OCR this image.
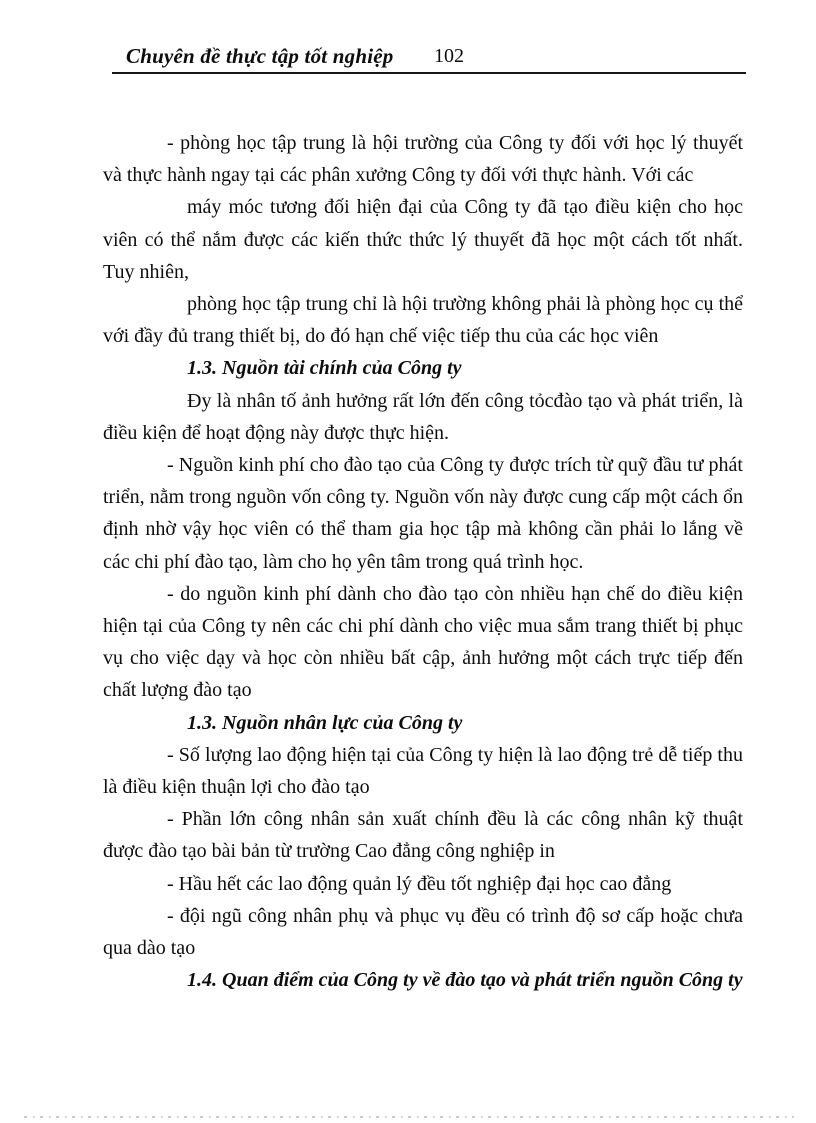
Chuyên đề thực tập tốt nghiệp 102

- phòng học tập trung là hội trường của Công ty đối với học lý thuyết và thực hành ngay tại các phân xưởng Công ty đối với thực hành. Với các

máy móc tương đối hiện đại của Công ty đã tạo điều kiện cho học viên có thể nắm được các kiến thức thức lý thuyết đã học một cách tốt nhất. Tuy nhiên,

phòng học tập trung chỉ là hội trường không phải là phòng học cụ thể với đầy đủ trang thiết bị, do đó hạn chế việc tiếp thu của các học viên

1.3. Nguồn tài chính của Công ty

Đy là nhân tố ảnh hưởng rất lớn đến công tỏcđào tạo và phát triển, là điều kiện để hoạt động này được thực hiện.

- Nguồn kinh phí cho đào tạo của Công ty được trích từ quỹ đầu tư phát triển, nằm trong nguồn vốn công ty. Nguồn vốn này được cung cấp một cách ổn định nhờ vậy học viên có thể tham gia học tập mà không cần phải lo lắng về các chi phí đào tạo, làm cho họ yên tâm trong quá trình học.

- do nguồn kinh phí dành cho đào tạo còn nhiều hạn chế do điều kiện hiện tại của Công ty nên các chi phí dành cho việc mua sắm trang thiết bị phục vụ cho việc dạy và học còn nhiều bất cập, ảnh hưởng một cách trực tiếp đến chất lượng đào tạo

1.3. Nguồn nhân lực của Công ty

- Số lượng lao động hiện tại của Công ty hiện là lao động trẻ dễ tiếp thu là điều kiện thuận lợi cho đào tạo

- Phần lớn công nhân sản xuất chính đều là các công nhân kỹ thuật được đào tạo bài bản từ trường Cao đẳng công nghiệp in

- Hầu hết các lao động quản lý đều tốt nghiệp đại học cao đẳng

- đội ngũ công nhân phụ và phục vụ đều có trình độ sơ cấp hoặc chưa qua dào tạo

1.4. Quan điểm của Công ty về đào tạo và phát triển nguồn Công ty
